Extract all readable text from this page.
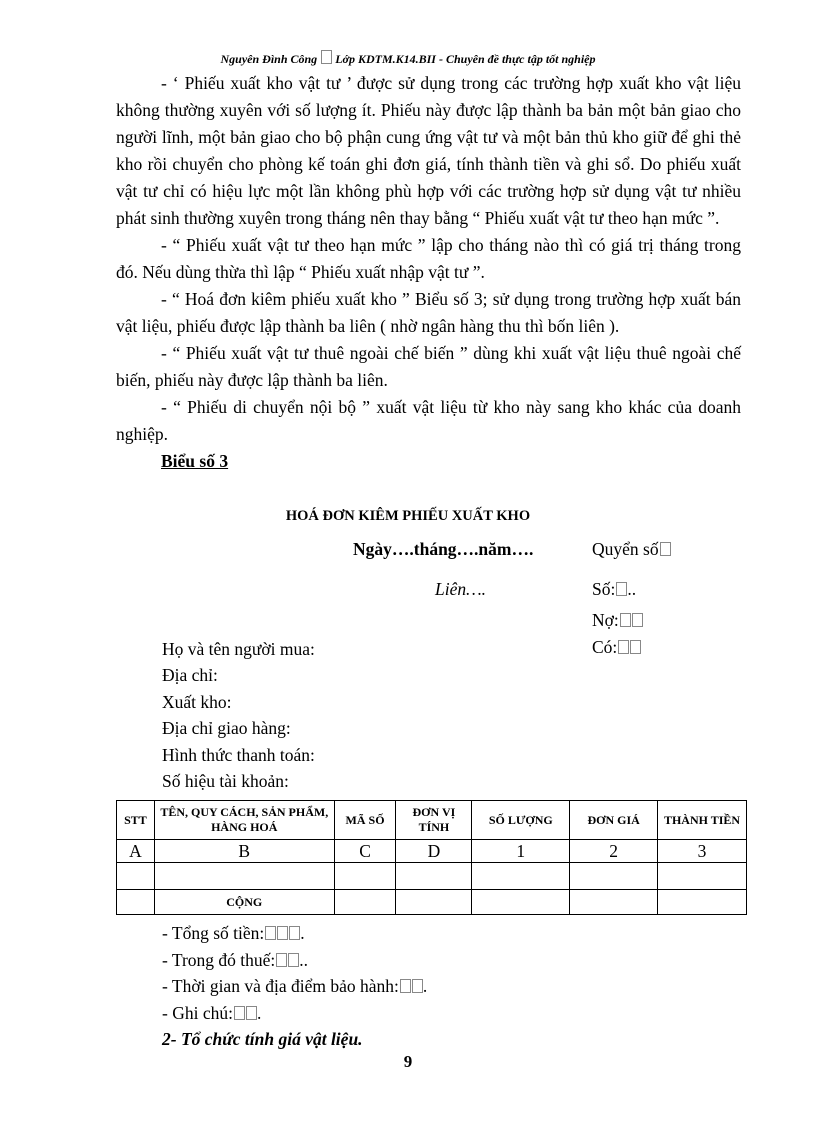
Nguyên Đình Công Lớp KDTM.K14.BII - Chuyên đề thực tập tốt nghiệp

- ‘ Phiếu xuất kho vật tư ’ được sử dụng trong các trường hợp xuất kho vật liệu không thường xuyên với số lượng ít. Phiếu này được lập thành ba bản một bản giao cho người lĩnh, một bản giao cho bộ phận cung ứng vật tư và một bản thủ kho giữ để ghi thẻ kho rồi chuyển cho phòng kế toán ghi đơn giá, tính thành tiền và ghi sổ. Do phiếu xuất vật tư chỉ có hiệu lực một lần không phù hợp với các trường hợp sử dụng vật tư nhiều phát sinh thường xuyên trong tháng nên thay bằng “ Phiếu xuất vật tư theo hạn mức ”.

- “ Phiếu xuất vật tư theo hạn mức ” lập cho tháng nào thì có giá trị tháng trong đó. Nếu dùng thừa thì lập “ Phiếu xuất nhập vật tư ”.

- “ Hoá đơn kiêm phiếu xuất kho ” Biểu số 3; sử dụng trong trường hợp xuất bán vật liệu, phiếu được lập thành ba liên ( nhờ ngân hàng thu thì bốn liên ).

- “ Phiếu xuất vật tư thuê ngoài chế biến ” dùng khi xuất vật liệu thuê ngoài chế biến, phiếu này được lập thành ba liên.

- “ Phiếu di chuyển nội bộ ” xuất vật liệu từ kho này sang kho khác của doanh nghiệp.

Biểu số 3

HOÁ ĐƠN KIÊM PHIẾU XUẤT KHO
Ngày….tháng….năm….	Quyển số
Liên….	Số: ..
Nợ:
Có:
Họ và tên người mua:
Địa chỉ:
Xuất kho:
Địa chỉ giao hàng:
Hình thức thanh toán:
Số hiệu tài khoản:
STT	TÊN, QUY CÁCH, SẢN PHẨM, HÀNG HOÁ	MÃ SỐ	ĐƠN VỊ TÍNH	SỐ LƯỢNG	ĐƠN GIÁ	THÀNH TIỀN
A	B	C	D	1	2	3

	CỘNG					
- Tổng số tiền: .
- Trong đó thuế: ..
- Thời gian và địa điểm bảo hành: .
- Ghi chú: .
2- Tổ chức tính giá vật liệu.
9
